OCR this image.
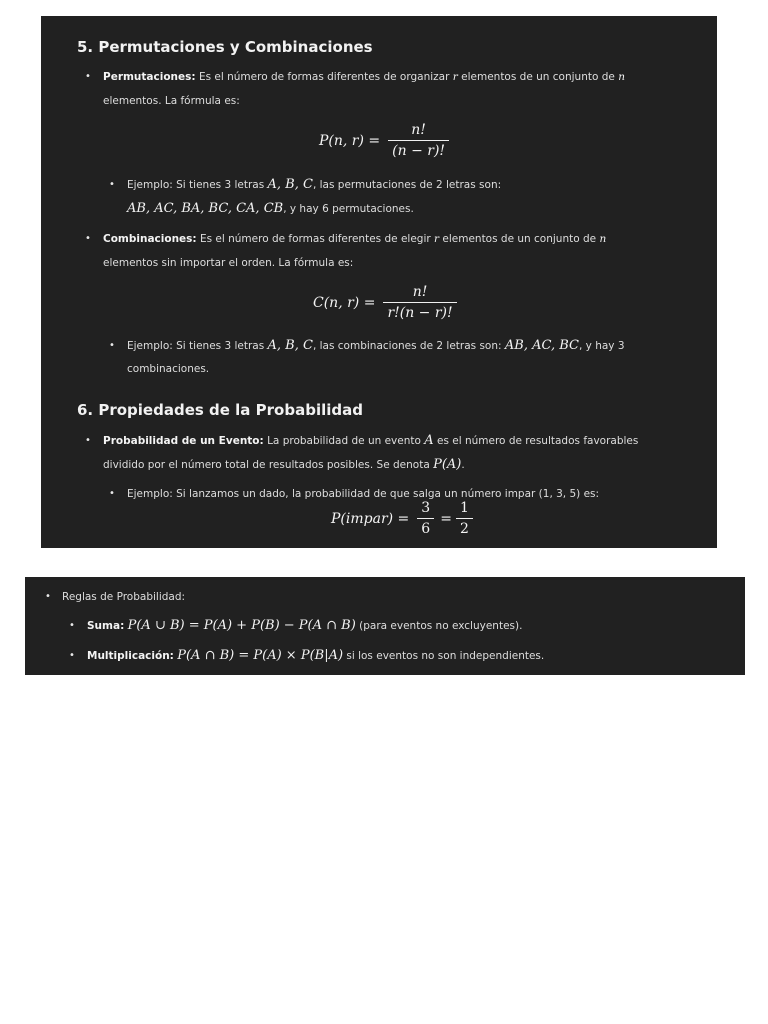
5. Permutaciones y Combinaciones
• Permutaciones: Es el número de formas diferentes de organizar r elementos de un conjunto de n
elementos. La fórmula es:
P(n, $r) = \frac{n!}{(n - r)!}$
• Ejemplo: Si tienes 3 letras A, B, C, las permutaciones de 2 letras son:
AB, AC, BA, BC, CA, CB, y hay 6 permutaciones.
• Combinaciones: Es el número de formas diferentes de elegir r elementos de un conjunto de n
elementos sin importar el orden. La fórmula es:
C(n, $r) = \frac{n!}{r!(n - r)!}$
• Ejemplo: Si tienes 3 letras A, B, C, las combinaciones de 2 letras son: AB, AC, BC, y hay 3
combinaciones.
6. Propiedades de la Probabilidad
• Probabilidad de un Evento: La probabilidad de un evento A es el número de resultados favorables
dividido por el número total de resultados posibles. Se denota P(A).
• Ejemplo: Si lanzamos un dado, la probabilidad de que salga un número impar (1, 3, 5) es:
P(impar) = $\frac{3}{6} = \frac{1}{2}$
• Reglas de Probabilidad:
• Suma: P(A ∪ B) = P(A) + P(B) − P(A ∩ B) (para eventos no excluyentes).
• Multiplicación: P(A ∩ B) = P(A) × P(B|A) si los eventos no son independientes.
